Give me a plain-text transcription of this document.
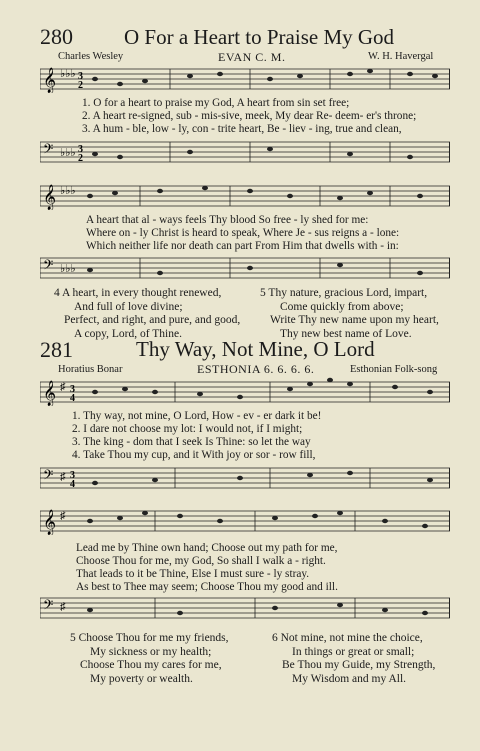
280 O For a Heart to Praise My God
Charles Wesley	EVAN C. M.	W. H. Havergal
𝄞 ♭♭♭ 3
2
1. O for a heart to praise my God, A heart from sin set free;
2. A heart re-signed, sub - mis-sive, meek, My dear Re- deem- er's throne;
3. A hum - ble, low - ly, con - trite heart, Be - liev - ing, true and clean,
𝄢 ♭♭♭ 3
2
𝄞 ♭♭♭
A heart that al - ways feels Thy blood So free - ly shed for me:
Where on - ly Christ is heard to speak, Where Je - sus reigns a - lone:
Which neither life nor death can part From Him that dwells with - in:
𝄢 ♭♭♭
4 A heart, in every thought renewed,
And full of love divine;
Perfect, and right, and pure, and good,
A copy, Lord, of Thine.
5 Thy nature, gracious Lord, impart,
Come quickly from above;
Write Thy new name upon my heart,
Thy new best name of Love.
281	Thy Way, Not Mine, O Lord
Horatius Bonar	ESTHONIA 6. 6. 6. 6.	Esthonian Folk-song
𝄞 ♯ 3
4
1. Thy way, not mine, O Lord, How - ev - er dark it be!
2. I dare not choose my lot: I would not, if I might;
3. The king - dom that I seek Is Thine: so let the way
4. Take Thou my cup, and it With joy or sor - row fill,
𝄢 ♯ 3
4
𝄞 ♯
Lead me by Thine own hand; Choose out my path for me,
Choose Thou for me, my God, So shall I walk a - right.
That leads to it be Thine, Else I must sure - ly stray.
As best to Thee may seem; Choose Thou my good and ill.
𝄢 ♯
5 Choose Thou for me my friends,
My sickness or my health;
Choose Thou my cares for me,
My poverty or wealth.
6 Not mine, not mine the choice,
In things or great or small;
Be Thou my Guide, my Strength,
My Wisdom and my All.
